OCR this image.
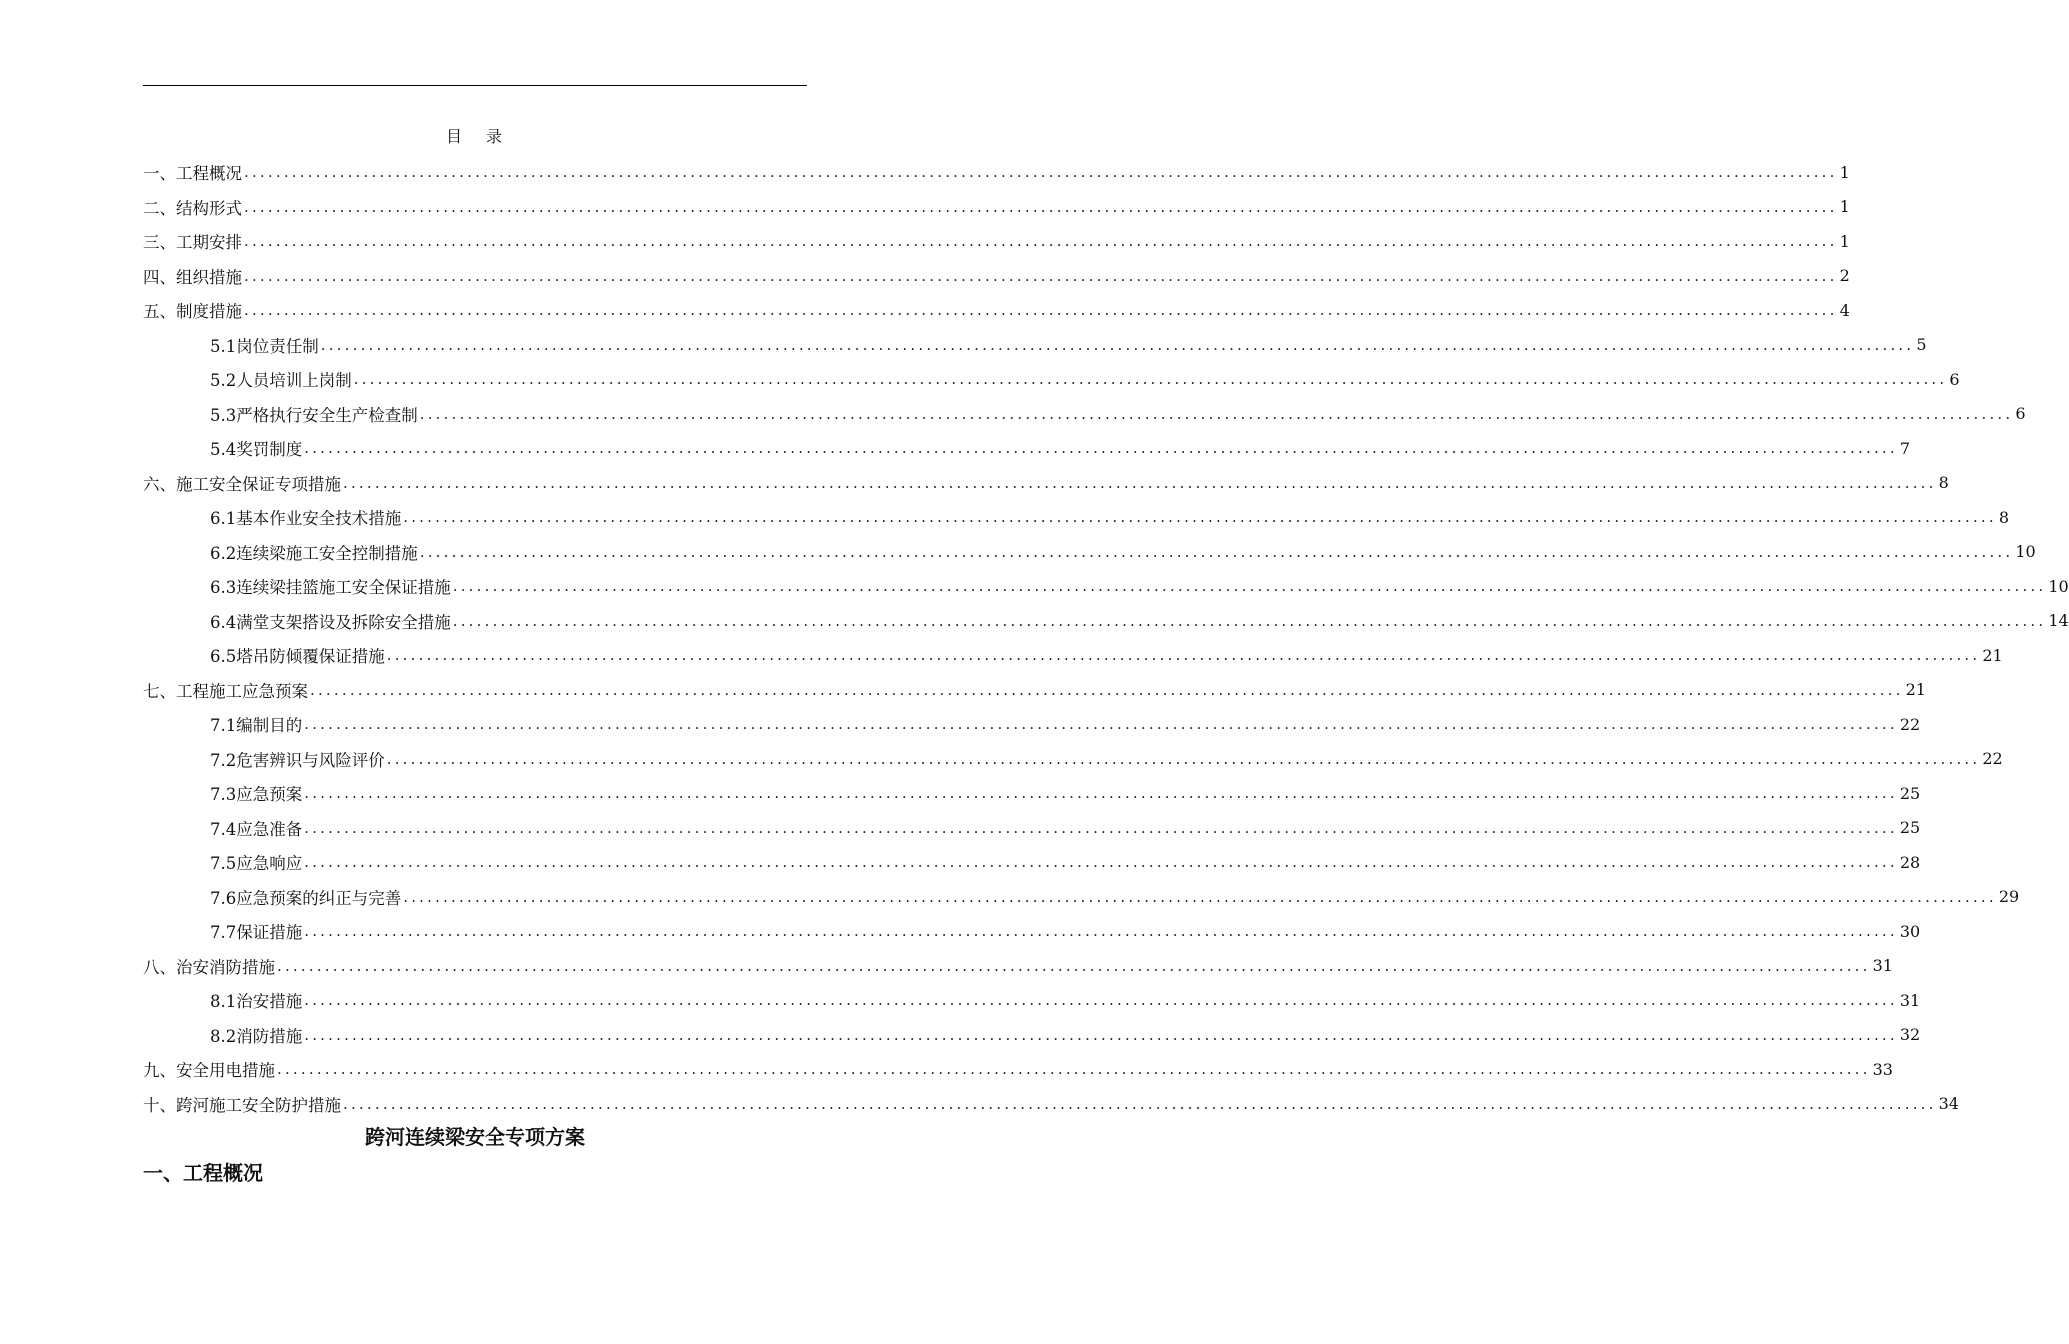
目 录
一、工程概况 ........................................................................................................................................................................................................ 1
二、结构形式 ........................................................................................................................................................................................................ 1
三、工期安排 ........................................................................................................................................................................................................ 1
四、组织措施 ........................................................................................................................................................................................................ 2
五、制度措施 ........................................................................................................................................................................................................ 4
5.1岗位责任制 ........................................................................................................................................................................................................ 5
5.2人员培训上岗制 ........................................................................................................................................................................................................ 6
5.3严格执行安全生产检查制 ........................................................................................................................................................................................................ 6
5.4奖罚制度 ........................................................................................................................................................................................................ 7
六、施工安全保证专项措施 ........................................................................................................................................................................................................ 8
6.1基本作业安全技术措施 ........................................................................................................................................................................................................ 8
6.2连续梁施工安全控制措施 ........................................................................................................................................................................................................ 10
6.3连续梁挂篮施工安全保证措施 ........................................................................................................................................................................................................ 10
6.4满堂支架搭设及拆除安全措施 ........................................................................................................................................................................................................ 14
6.5塔吊防倾覆保证措施 ........................................................................................................................................................................................................ 21
七、工程施工应急预案 ........................................................................................................................................................................................................ 21
7.1编制目的 ........................................................................................................................................................................................................ 22
7.2危害辨识与风险评价 ........................................................................................................................................................................................................ 22
7.3应急预案 ........................................................................................................................................................................................................ 25
7.4应急准备 ........................................................................................................................................................................................................ 25
7.5应急响应 ........................................................................................................................................................................................................ 28
7.6应急预案的纠正与完善 ........................................................................................................................................................................................................ 29
7.7保证措施 ........................................................................................................................................................................................................ 30
八、治安消防措施 ........................................................................................................................................................................................................ 31
8.1治安措施 ........................................................................................................................................................................................................ 31
8.2消防措施 ........................................................................................................................................................................................................ 32
九、安全用电措施 ........................................................................................................................................................................................................ 33
十、跨河施工安全防护措施 ........................................................................................................................................................................................................ 34
跨河连续梁安全专项方案
一、工程概况
